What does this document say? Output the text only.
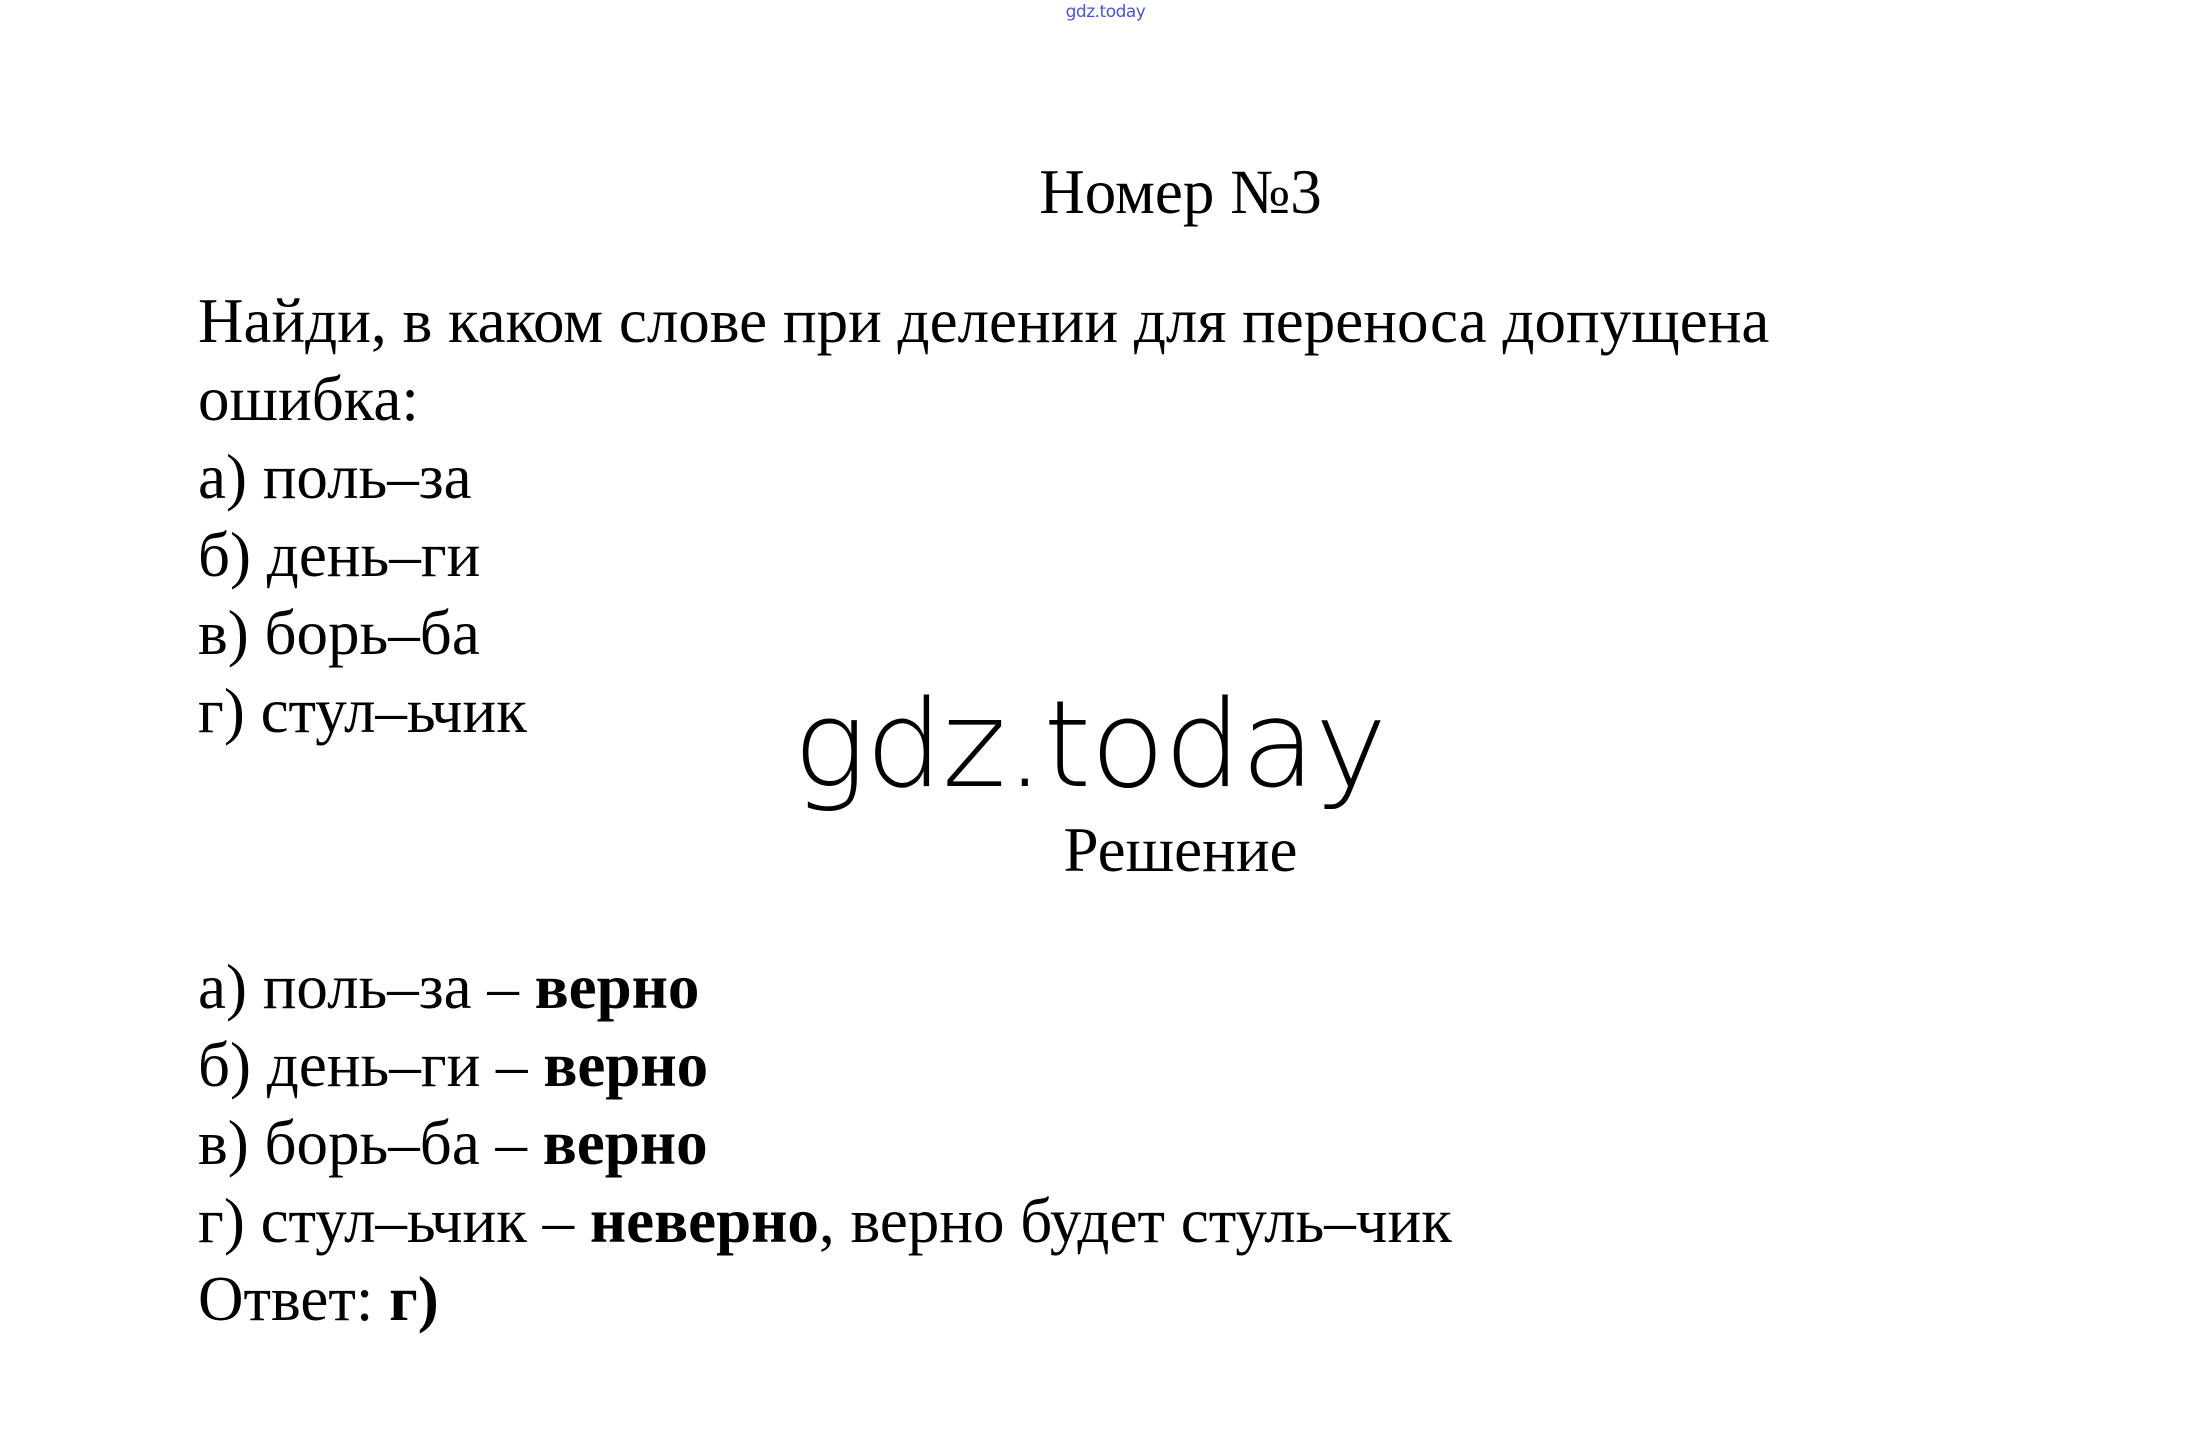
gdz.today
Номер №3
Найди, в каком слове при делении для переноса допущена
ошибка:
а) поль–за
б) день–ги
в) борь–ба
г) стул–ьчик	gdz.today
Решение
а) поль–за – верно
б) день–ги – верно
в) борь–ба – верно
г) стул–ьчик – неверно, верно будет стуль–чик
Ответ: г)
